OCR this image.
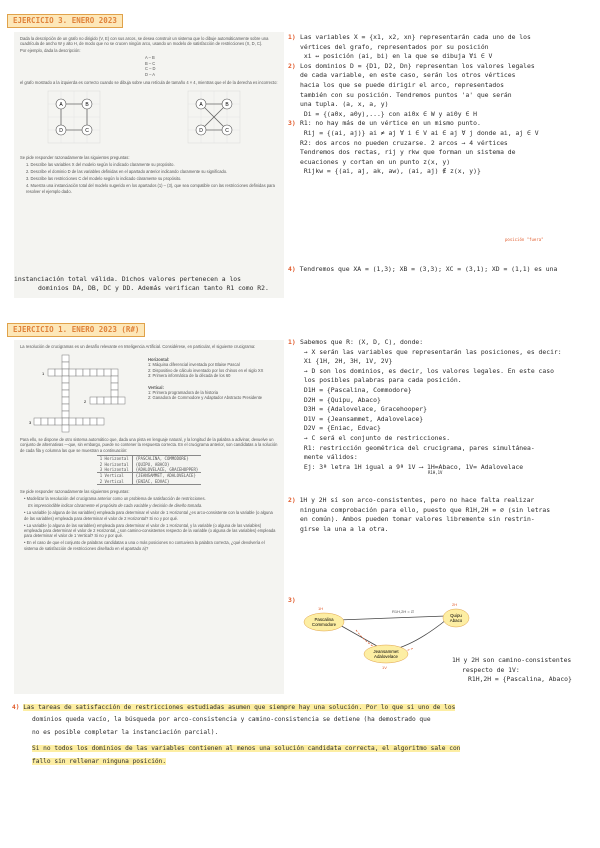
EJERCICIO 3. ENERO 2023

Dada la descripción de un grafo no dirigido (V, E) con sus arcos, se desea construir un sistema que lo dibuje automáticamente sobre una cuadrícula de ancho W y alto H, de modo que no se crucen ningún arco, usando un modelo de satisfacción de restricciones (X, D, C).

Por ejemplo, dada la descripción:

A – B
B – C
C – D
D – A

el grafo mostrado a la izquierda es correcto cuando se dibuja sobre una retícula de tamaño 4 × 4, mientras que el de la derecha es incorrecto:

A	B
C
D
A	B
D	C

Se pide responder razonadamente las siguientes preguntas:

1. Describe las variables X del modelo según lo indicado claramente su propósito.

2. Describe el dominio D de las variables definidas en el apartado anterior indicando claramente su significado.

3. Describe las restricciones C del modelo según lo indicado claramente su propósito.

4. Muestra una instanciación total del modelo sugerido en los apartados (1) – (3), que sea compatible con las restricciones definidas para resolver el ejemplo dado.

1) Las variables X = {x1, x2, xn} representarán cada uno de los
vértices del grafo, representados por su posición
xi ↔ posición (ai, bi) en la que se dibuja ∀i ∈ V
2) Los dominios D = {D1, D2, Dn} representan los valores legales
de cada variable, en este caso, serán los otros vértices
hacia los que se puede dirigir el arco, representados
también con su posición. Tendremos puntos 'a' que serán
una tupla. (a, x, a, y)
Di = {(a0x, a0y),...} con ai0x ∈ W y ai0y ∈ H
3) R1: no hay más de un vértice en un mismo punto.
Rij = {(ai, aj)} ai ≠ aj ∀ i ∈ V ai ∈ aj ∀ j donde ai, aj ∈ V
R2: dos arcos no pueden cruzarse. 2 arcos → 4 vértices
Tendremos dos rectas, rij y rkw que forman un sistema de
ecuaciones y cortan en un punto z(x, y)
Rijkw = {(ai, aj, ak, aw), (ai, aj) ∉ z(x, y)}
posición "fuera"
4) Tendremos que XA = (1,3); XB = (3,3); XC = (3,1); XD = (1,1) es una instanciación total válida. Dichos valores pertenecen a los
dominios DA, DB, DC y DD. Además verifican tanto R1 como R2.
EJERCICIO 1. ENERO 2023 (R#)

La resolución de crucigramas es un desafío relevante en Inteligencia Artificial. Considérese, en particular, el siguiente crucigrama:

1
2
3
Horizontal:
1: Máquina diferencial inventada por Blaise Pascal
2: Dispositivo de cálculo inventado por los chinos en el siglo XX
3: Primera informática de la década de los 60
Vertical:
1: Primera programadora de la historia
2: Ganadora de Commodore y Adaptador Abstracto Presidente

Para ello, se dispone de otro sistema automático que, dada una pista en lenguaje natural, y la longitud de la palabra a adivinar, devuelve un conjunto de alternativas —que, sin embargo, puede no contener la respuesta correcta. En el crucigrama anterior, son candidatas a la solución de cada fila y columna las que se muestran a continuación:

1 Horizontal	{PASCALINA, COMMODORE}
2 Horizontal	{QUIPU, ABACO}
3 Horizontal	{ADALOVELACE, GRACEHOPPER}
1 Vertical	{JEANSAMMET, ADALOVELACE}
2 Vertical	{ENIAC, EDVAC}

Se pide responder razonadamente las siguientes preguntas:

• Modelizar la resolución del crucigrama anterior como un problema de satisfacción de restricciones.

Es imprescindible indicar claramente el propósito de cada variable y decisión de diseño tomada.

• La variable (o alguna de las variables) empleada para determinar el valor de 1 Horizontal ¿es arco-consistente con la variable (o alguna de las variables) empleada para determinar el valor de 2 Horizontal? Si no y por qué.

• La variable (o alguna de las variables) empleada para determinar el valor de 1 Horizontal, y la variable (o alguna de las variables) empleada para determinar el valor de 2 Horizontal, ¿son camino-consistentes respecto de la variable (o alguna de las variables) empleada para determinar el valor de 1 Vertical? Si no y por qué.

• En el caso de que el conjunto de palabras candidatas a una o más posiciones no contuviera la palabra correcta, ¿qué devolvería el sistema de satisfacción de restricciones diseñado en el apartado a)?

1) Sabemos que R: (X, D, C), donde:
→ X serán las variables que representarán las posiciones, es decir:
Xi {1H, 2H, 3H, 1V, 2V}
→ D son los dominios, es decir, los valores legales. En este caso
los posibles palabras para cada posición.
D1H = {Pascalina, Commodore}
D2H = {Quipu, Abaco}
D3H = {Adalovelace, Gracehooper}
D1V = {Jeansammet, Adalovelace}
D2V = {Eniac, Edvac}
→ C será el conjunto de restricciones.
R1: restricción geométrica del crucigrama, pares simultánea-
mente válidos:
Ej: 3ª letra 1H igual a 9ª 1V ⟶ 1H=Abaco, 1V= Adalovelace
R1H,1V
2) 1H y 2H sí son arco-consistentes, pero no hace falta realizar
ninguna comprobación para ello, puesto que R1H,2H = ∅ (sin letras
en común). Ambos pueden tomar valores libremente sin restrin-
girse la una a la otra.
3)
Pascalina Commodore
Quipu Abaco
Jeansammet Adalovelace
1H
2H
1V
R1H,2H = ∅
1H y 2H son camino-consistentes
respecto de 1V:
R1H,2H = {Pascalina, Abaco}
4) Las tareas de satisfacción de restricciones estudiadas asumen que siempre hay una solución. Por lo que si uno de los
dominios queda vacío, la búsqueda por arco-consistencia y camino-consistencia se detiene (ha demostrado que
no es posible completar la instanciación parcial).
Si no todos los dominios de las variables contienen al menos una solución candidata correcta, el algoritmo sale con
fallo sin rellenar ninguna posición.
